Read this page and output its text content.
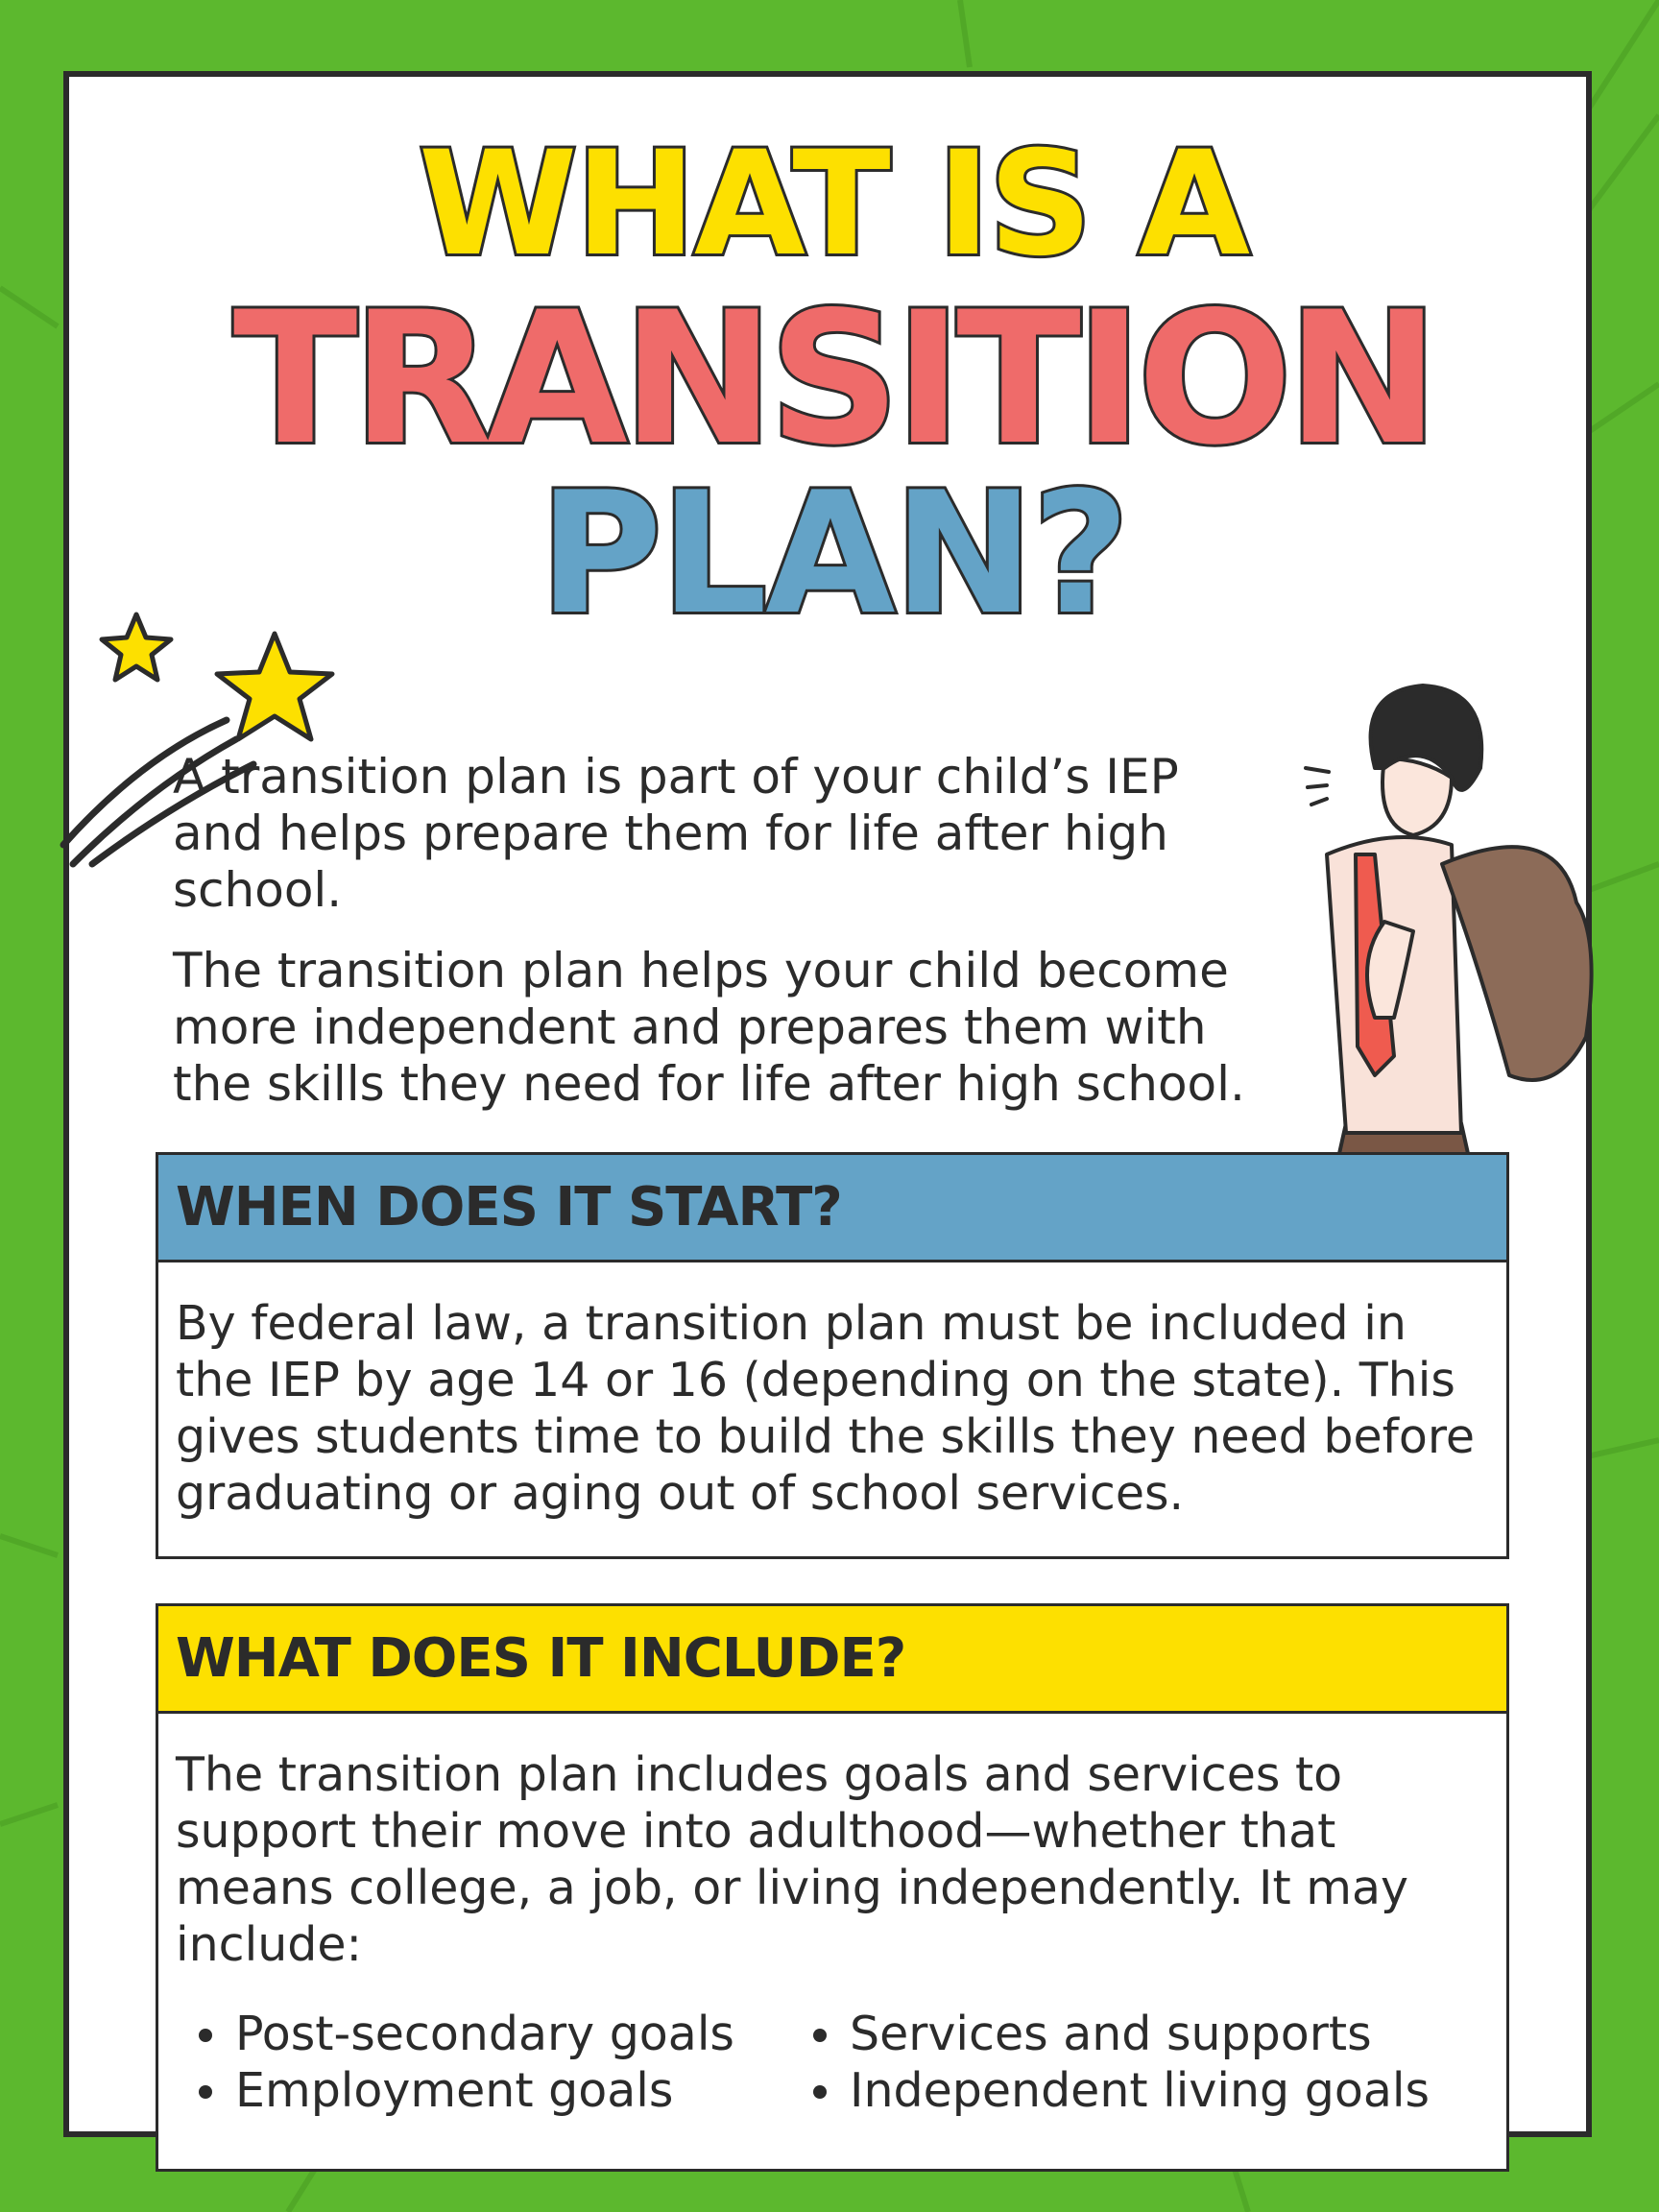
WHAT IS A
TRANSITION
PLAN?

A transition plan is part of your child’s IEP and helps prepare them for life after high school.

The transition plan helps your child become more independent and prepares them with the skills they need for life after high school.

WHEN DOES IT START?

By federal law, a transition plan must be included in the IEP by age 14 or 16 (depending on the state). This gives students time to build the skills they need before graduating or aging out of school services.

WHAT DOES IT INCLUDE?

The transition plan includes goals and services to support their move into adulthood—whether that means college, a job, or living independently. It may include:

Post-secondary goals	Services and supports
Employment goals	Independent living goals
